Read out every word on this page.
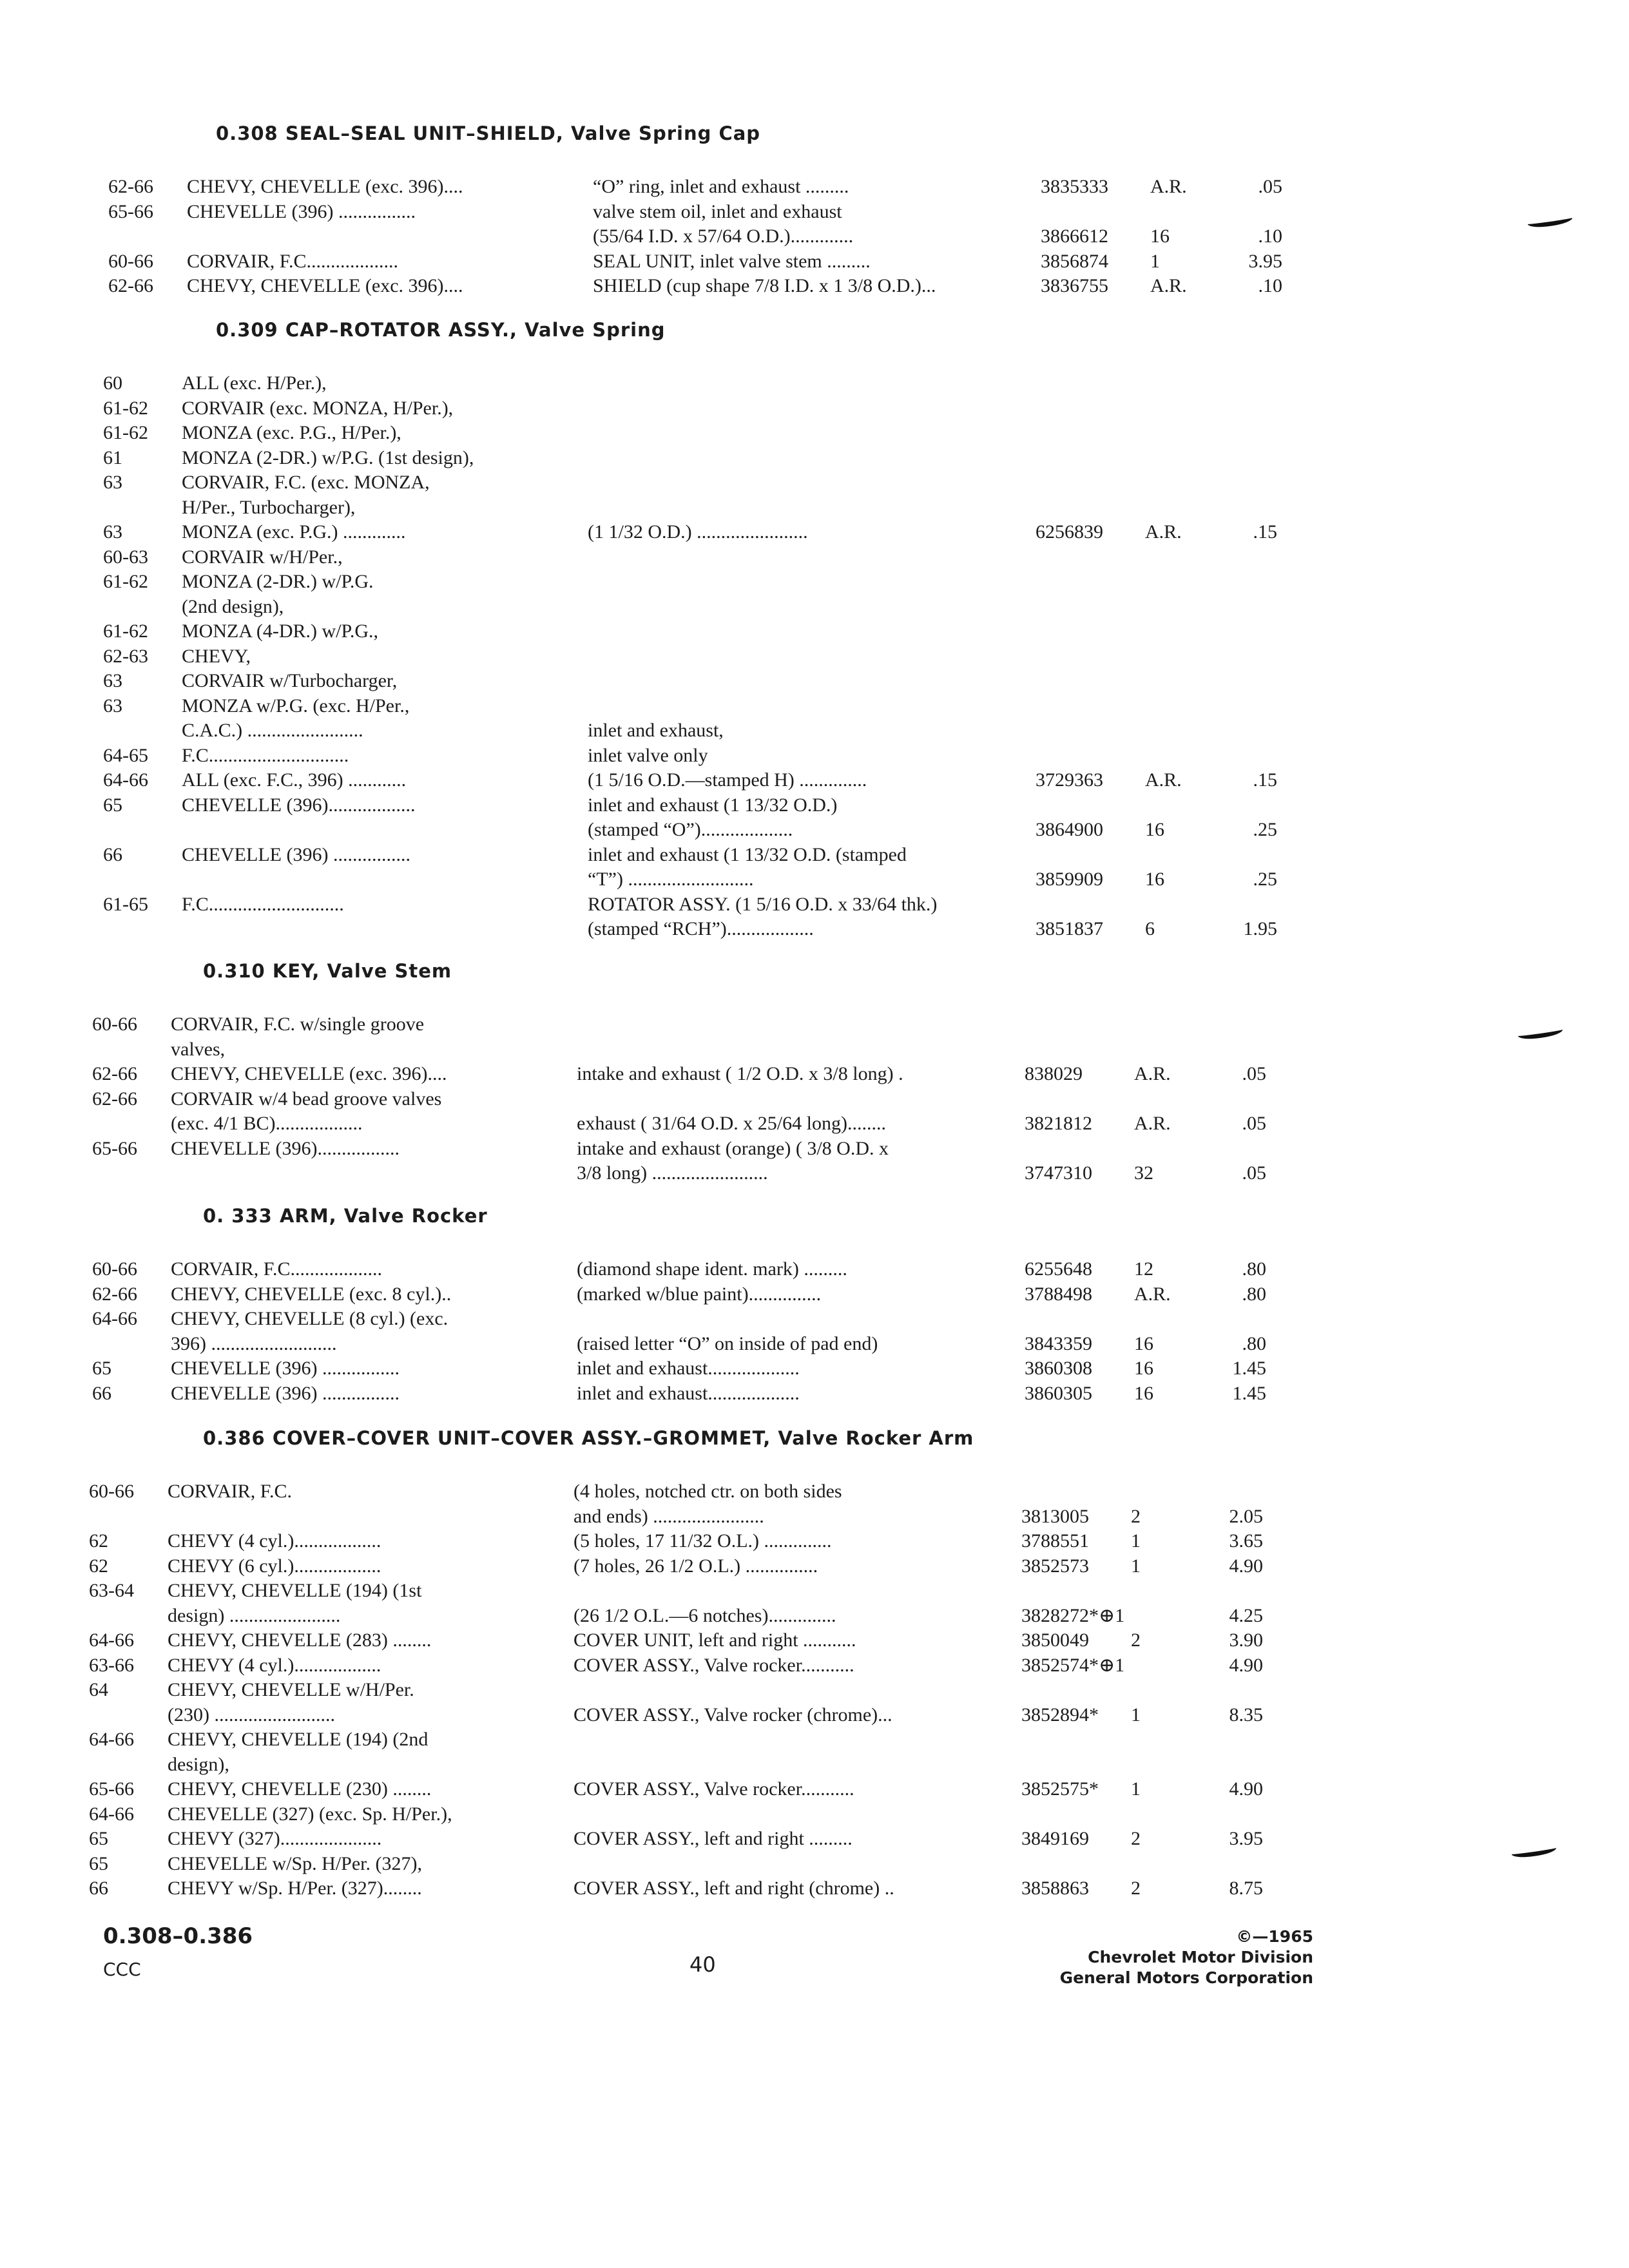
0.308 SEAL–SEAL UNIT–SHIELD, Valve Spring Cap
62-66	CHEVY, CHEVELLE (exc. 396)....	“O” ring, inlet and exhaust .........	3835333	A.R.	.05
65-66	CHEVELLE (396) ................	valve stem oil, inlet and exhaust
(55/64 I.D. x 57/64 O.D.).............	3866612	16	.10
60-66	CORVAIR, F.C...................	SEAL UNIT, inlet valve stem .........	3856874	1	3.95
62-66	CHEVY, CHEVELLE (exc. 396)....	SHIELD (cup shape 7/8 I.D. x 1 3/8 O.D.)...	3836755	A.R.	.10
0.309 CAP–ROTATOR ASSY., Valve Spring
60	ALL (exc. H/Per.),
61-62	CORVAIR (exc. MONZA, H/Per.),
61-62	MONZA (exc. P.G., H/Per.),
61	MONZA (2-DR.) w/P.G. (1st design),
63	CORVAIR, F.C. (exc. MONZA,
H/Per., Turbocharger),
63	MONZA (exc. P.G.) .............	(1 1/32 O.D.) .......................	6256839	A.R.	.15
60-63	CORVAIR w/H/Per.,
61-62	MONZA (2-DR.) w/P.G.
(2nd design),
61-62	MONZA (4-DR.) w/P.G.,
62-63	CHEVY,
63	CORVAIR w/Turbocharger,
63	MONZA w/P.G. (exc. H/Per.,
C.A.C.) ........................	inlet and exhaust,
64-65	F.C.............................	inlet valve only
64-66	ALL (exc. F.C., 396) ............	(1 5/16 O.D.—stamped H) ..............	3729363	A.R.	.15
65	CHEVELLE (396)..................	inlet and exhaust (1 13/32 O.D.)
(stamped “O”)...................	3864900	16	.25
66	CHEVELLE (396) ................	inlet and exhaust (1 13/32 O.D. (stamped
“T”) ..........................	3859909	16	.25
61-65	F.C............................	ROTATOR ASSY. (1 5/16 O.D. x 33/64 thk.)
(stamped “RCH”)..................	3851837	6	1.95
0.310 KEY, Valve Stem
60-66	CORVAIR, F.C. w/single groove
valves,
62-66	CHEVY, CHEVELLE (exc. 396)....	intake and exhaust ( 1/2 O.D. x 3/8 long) .	838029	A.R.	.05
62-66	CORVAIR w/4 bead groove valves
(exc. 4/1 BC)..................	exhaust ( 31/64 O.D. x 25/64 long)........	3821812	A.R.	.05
65-66	CHEVELLE (396).................	intake and exhaust (orange) ( 3/8 O.D. x
3/8 long) ........................	3747310	32	.05
0. 333 ARM, Valve Rocker
60-66	CORVAIR, F.C...................	(diamond shape ident. mark) .........	6255648	12	.80
62-66	CHEVY, CHEVELLE (exc. 8 cyl.)..	(marked w/blue paint)...............	3788498	A.R.	.80
64-66	CHEVY, CHEVELLE (8 cyl.) (exc.
396) ..........................	(raised letter “O” on inside of pad end)	3843359	16	.80
65	CHEVELLE (396) ................	inlet and exhaust...................	3860308	16	1.45
66	CHEVELLE (396) ................	inlet and exhaust...................	3860305	16	1.45
0.386 COVER–COVER UNIT–COVER ASSY.–GROMMET, Valve Rocker Arm
60-66	CORVAIR, F.C.	(4 holes, notched ctr. on both sides
and ends) .......................	3813005	2	2.05
62	CHEVY (4 cyl.)..................	(5 holes, 17 11/32 O.L.) ..............	3788551	1	3.65
62	CHEVY (6 cyl.)..................	(7 holes, 26 1/2 O.L.) ...............	3852573	1	4.90
63-64	CHEVY, CHEVELLE (194) (1st
design) .......................	(26 1/2 O.L.—6 notches)..............	3828272*⊕1	4.25
64-66	CHEVY, CHEVELLE (283) ........	COVER UNIT, left and right ...........	3850049	2	3.90
63-66	CHEVY (4 cyl.)..................	COVER ASSY., Valve rocker...........	3852574*⊕1	4.90
64	CHEVY, CHEVELLE w/H/Per.
(230) .........................	COVER ASSY., Valve rocker (chrome)...	3852894*	1	8.35
64-66	CHEVY, CHEVELLE (194) (2nd
design),
65-66	CHEVY, CHEVELLE (230) ........	COVER ASSY., Valve rocker...........	3852575*	1	4.90
64-66	CHEVELLE (327) (exc. Sp. H/Per.),
65	CHEVY (327).....................	COVER ASSY., left and right .........	3849169	2	3.95
65	CHEVELLE w/Sp. H/Per. (327),
66	CHEVY w/Sp. H/Per. (327)........	COVER ASSY., left and right (chrome) ..	3858863	2	8.75
0.308–0.386
CCC	40
©—1965
Chevrolet Motor Division
General Motors Corporation
